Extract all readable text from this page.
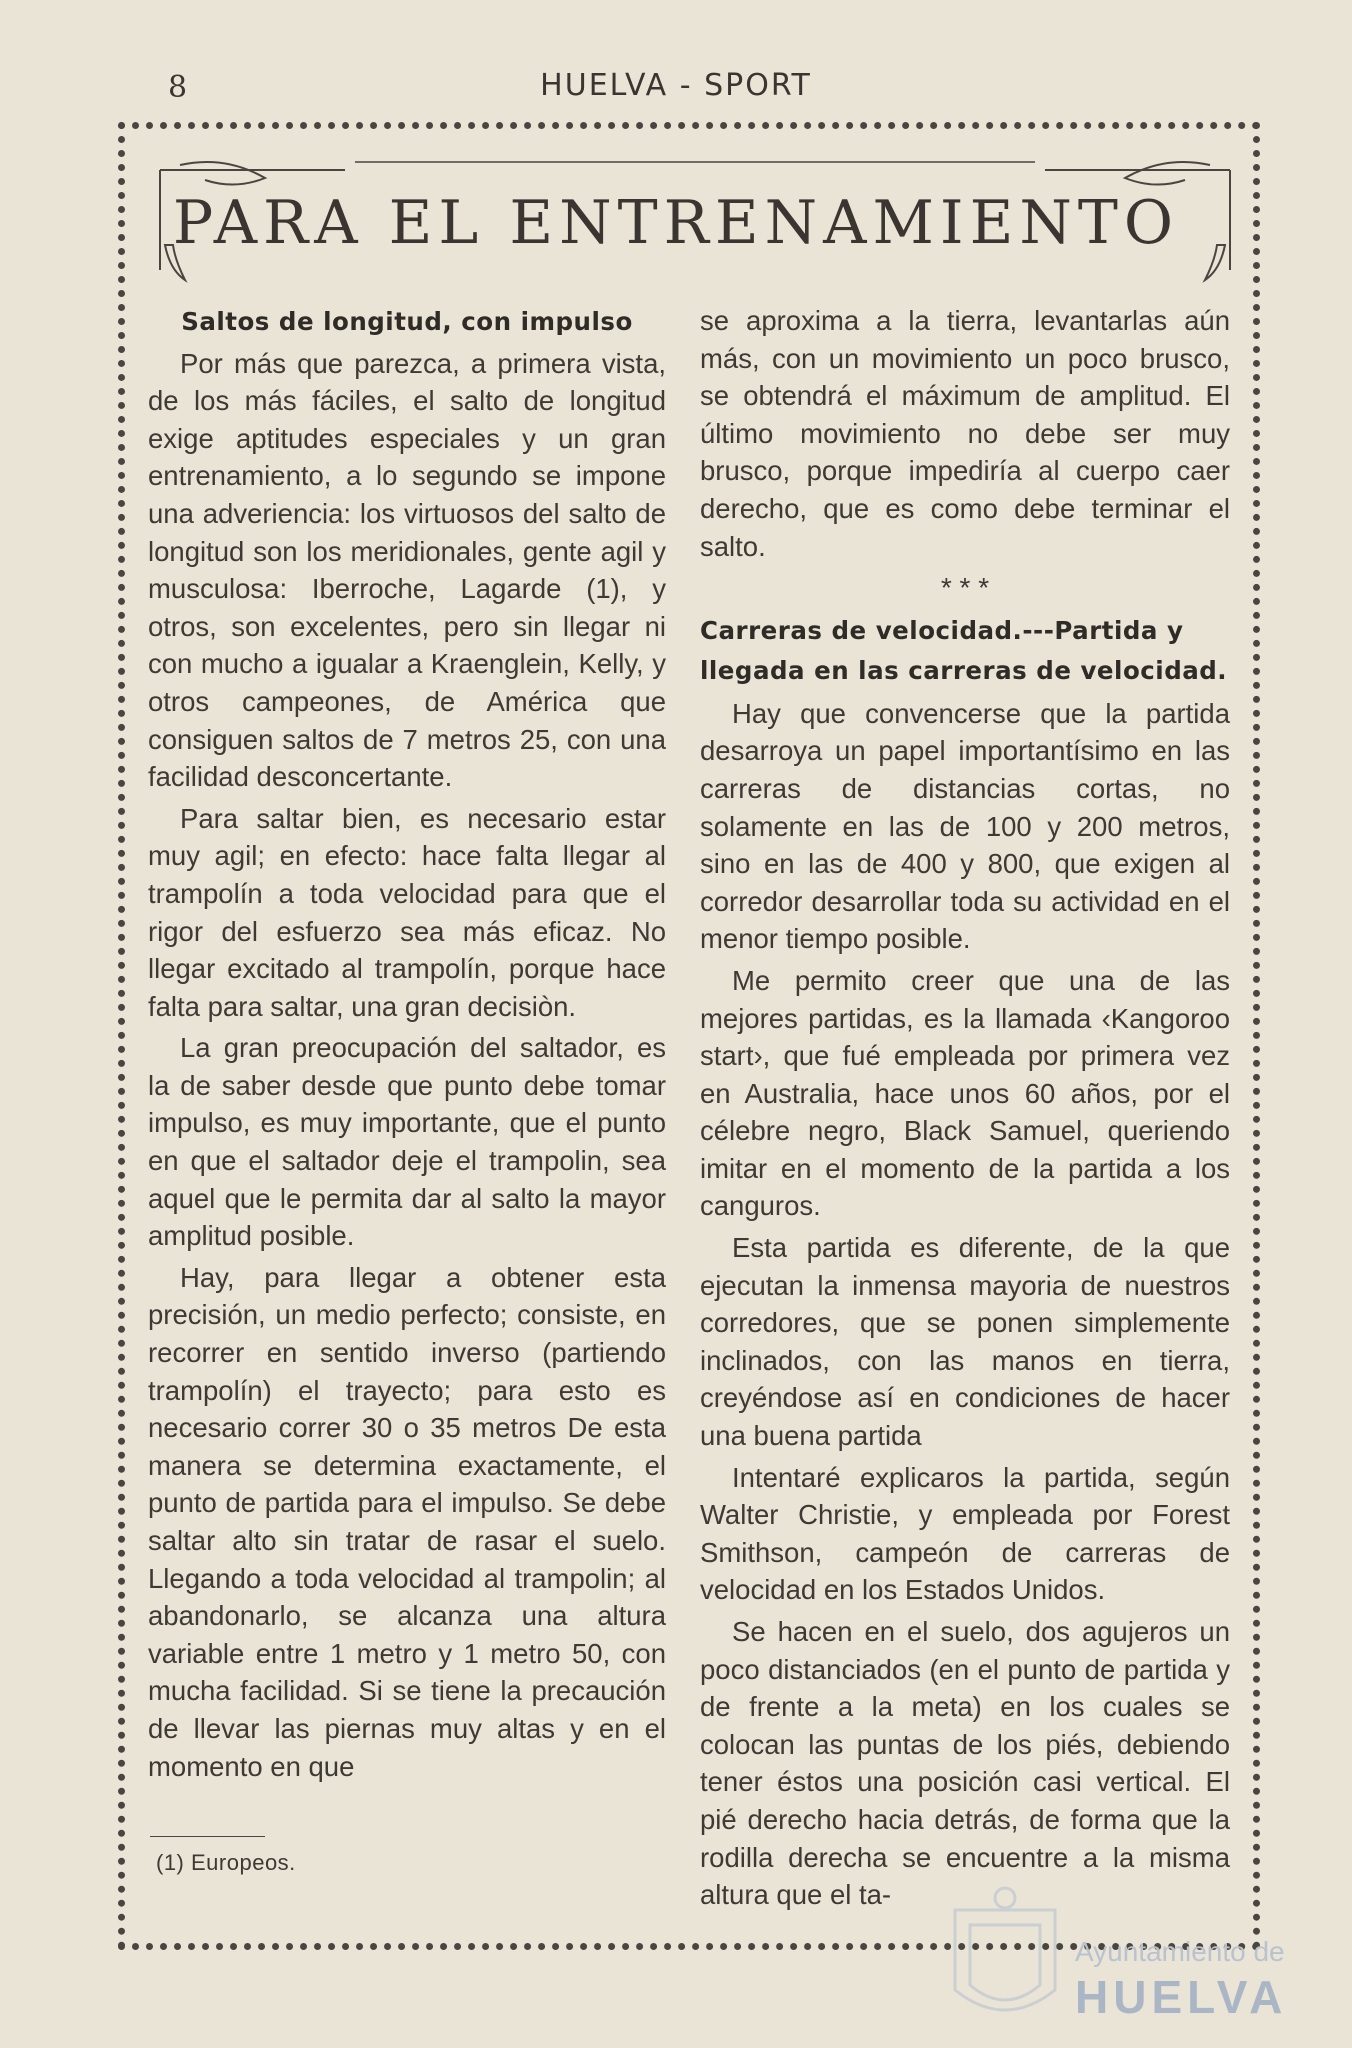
8	HUELVA - SPORT
PARA EL ENTRENAMIENTO
Saltos de longitud, con impulso

Por más que parezca, a primera vista, de los más fáciles, el salto de longitud exige aptitudes especiales y un gran entrenamiento, a lo segundo se impone una adveriencia: los virtuosos del salto de longitud son los meridionales, gente agil y musculosa: Iberroche, Lagarde (1), y otros, son excelentes, pero sin llegar ni con mucho a igualar a Kraenglein, Kelly, y otros campeones, de América que consiguen saltos de 7 metros 25, con una facilidad desconcertante.

Para saltar bien, es necesario estar muy agil; en efecto: hace falta llegar al trampolín a toda velocidad para que el rigor del esfuerzo sea más eficaz. No llegar excitado al trampolín, porque hace falta para saltar, una gran decisiòn.

La gran preocupación del saltador, es la de saber desde que punto debe tomar impulso, es muy importante, que el punto en que el saltador deje el trampolin, sea aquel que le permita dar al salto la mayor amplitud posible.

Hay, para llegar a obtener esta precisión, un medio perfecto; consiste, en recorrer en sentido inverso (partiendo trampolín) el trayecto; para esto es necesario correr 30 o 35 metros De esta manera se determina exactamente, el punto de partida para el impulso. Se debe saltar alto sin tratar de rasar el suelo. Llegando a toda velocidad al trampolin; al abandonarlo, se alcanza una altura variable entre 1 metro y 1 metro 50, con mucha facilidad. Si se tiene la precaución de llevar las piernas muy altas y en el momento en que

se aproxima a la tierra, levantarlas aún más, con un movimiento un poco brusco, se obtendrá el máximum de amplitud. El último movimiento no debe ser muy brusco, porque impediría al cuerpo caer derecho, que es como debe terminar el salto.

* * *
Carreras de velocidad.---Partida y llegada en las carreras de velocidad.

Hay que convencerse que la partida desarroya un papel importantísimo en las carreras de distancias cortas, no solamente en las de 100 y 200 metros, sino en las de 400 y 800, que exigen al corredor desarrollar toda su actividad en el menor tiempo posible.

Me permito creer que una de las mejores partidas, es la llamada ‹Kangoroo start›, que fué empleada por primera vez en Australia, hace unos 60 años, por el célebre negro, Black Samuel, queriendo imitar en el momento de la partida a los canguros.

Esta partida es diferente, de la que ejecutan la inmensa mayoria de nuestros corredores, que se ponen simplemente inclinados, con las manos en tierra, creyéndose así en condiciones de hacer una buena partida

Intentaré explicaros la partida, según Walter Christie, y empleada por Forest Smithson, campeón de carreras de velocidad en los Estados Unidos.

Se hacen en el suelo, dos agujeros un poco distanciados (en el punto de partida y de frente a la meta) en los cuales se colocan las puntas de los piés, debiendo tener éstos una posición casi vertical. El pié derecho hacia detrás, de forma que la rodilla derecha se encuentre a la misma altura que el ta-

(1) Europeos.
Ayuntamiento de
HUELVA
